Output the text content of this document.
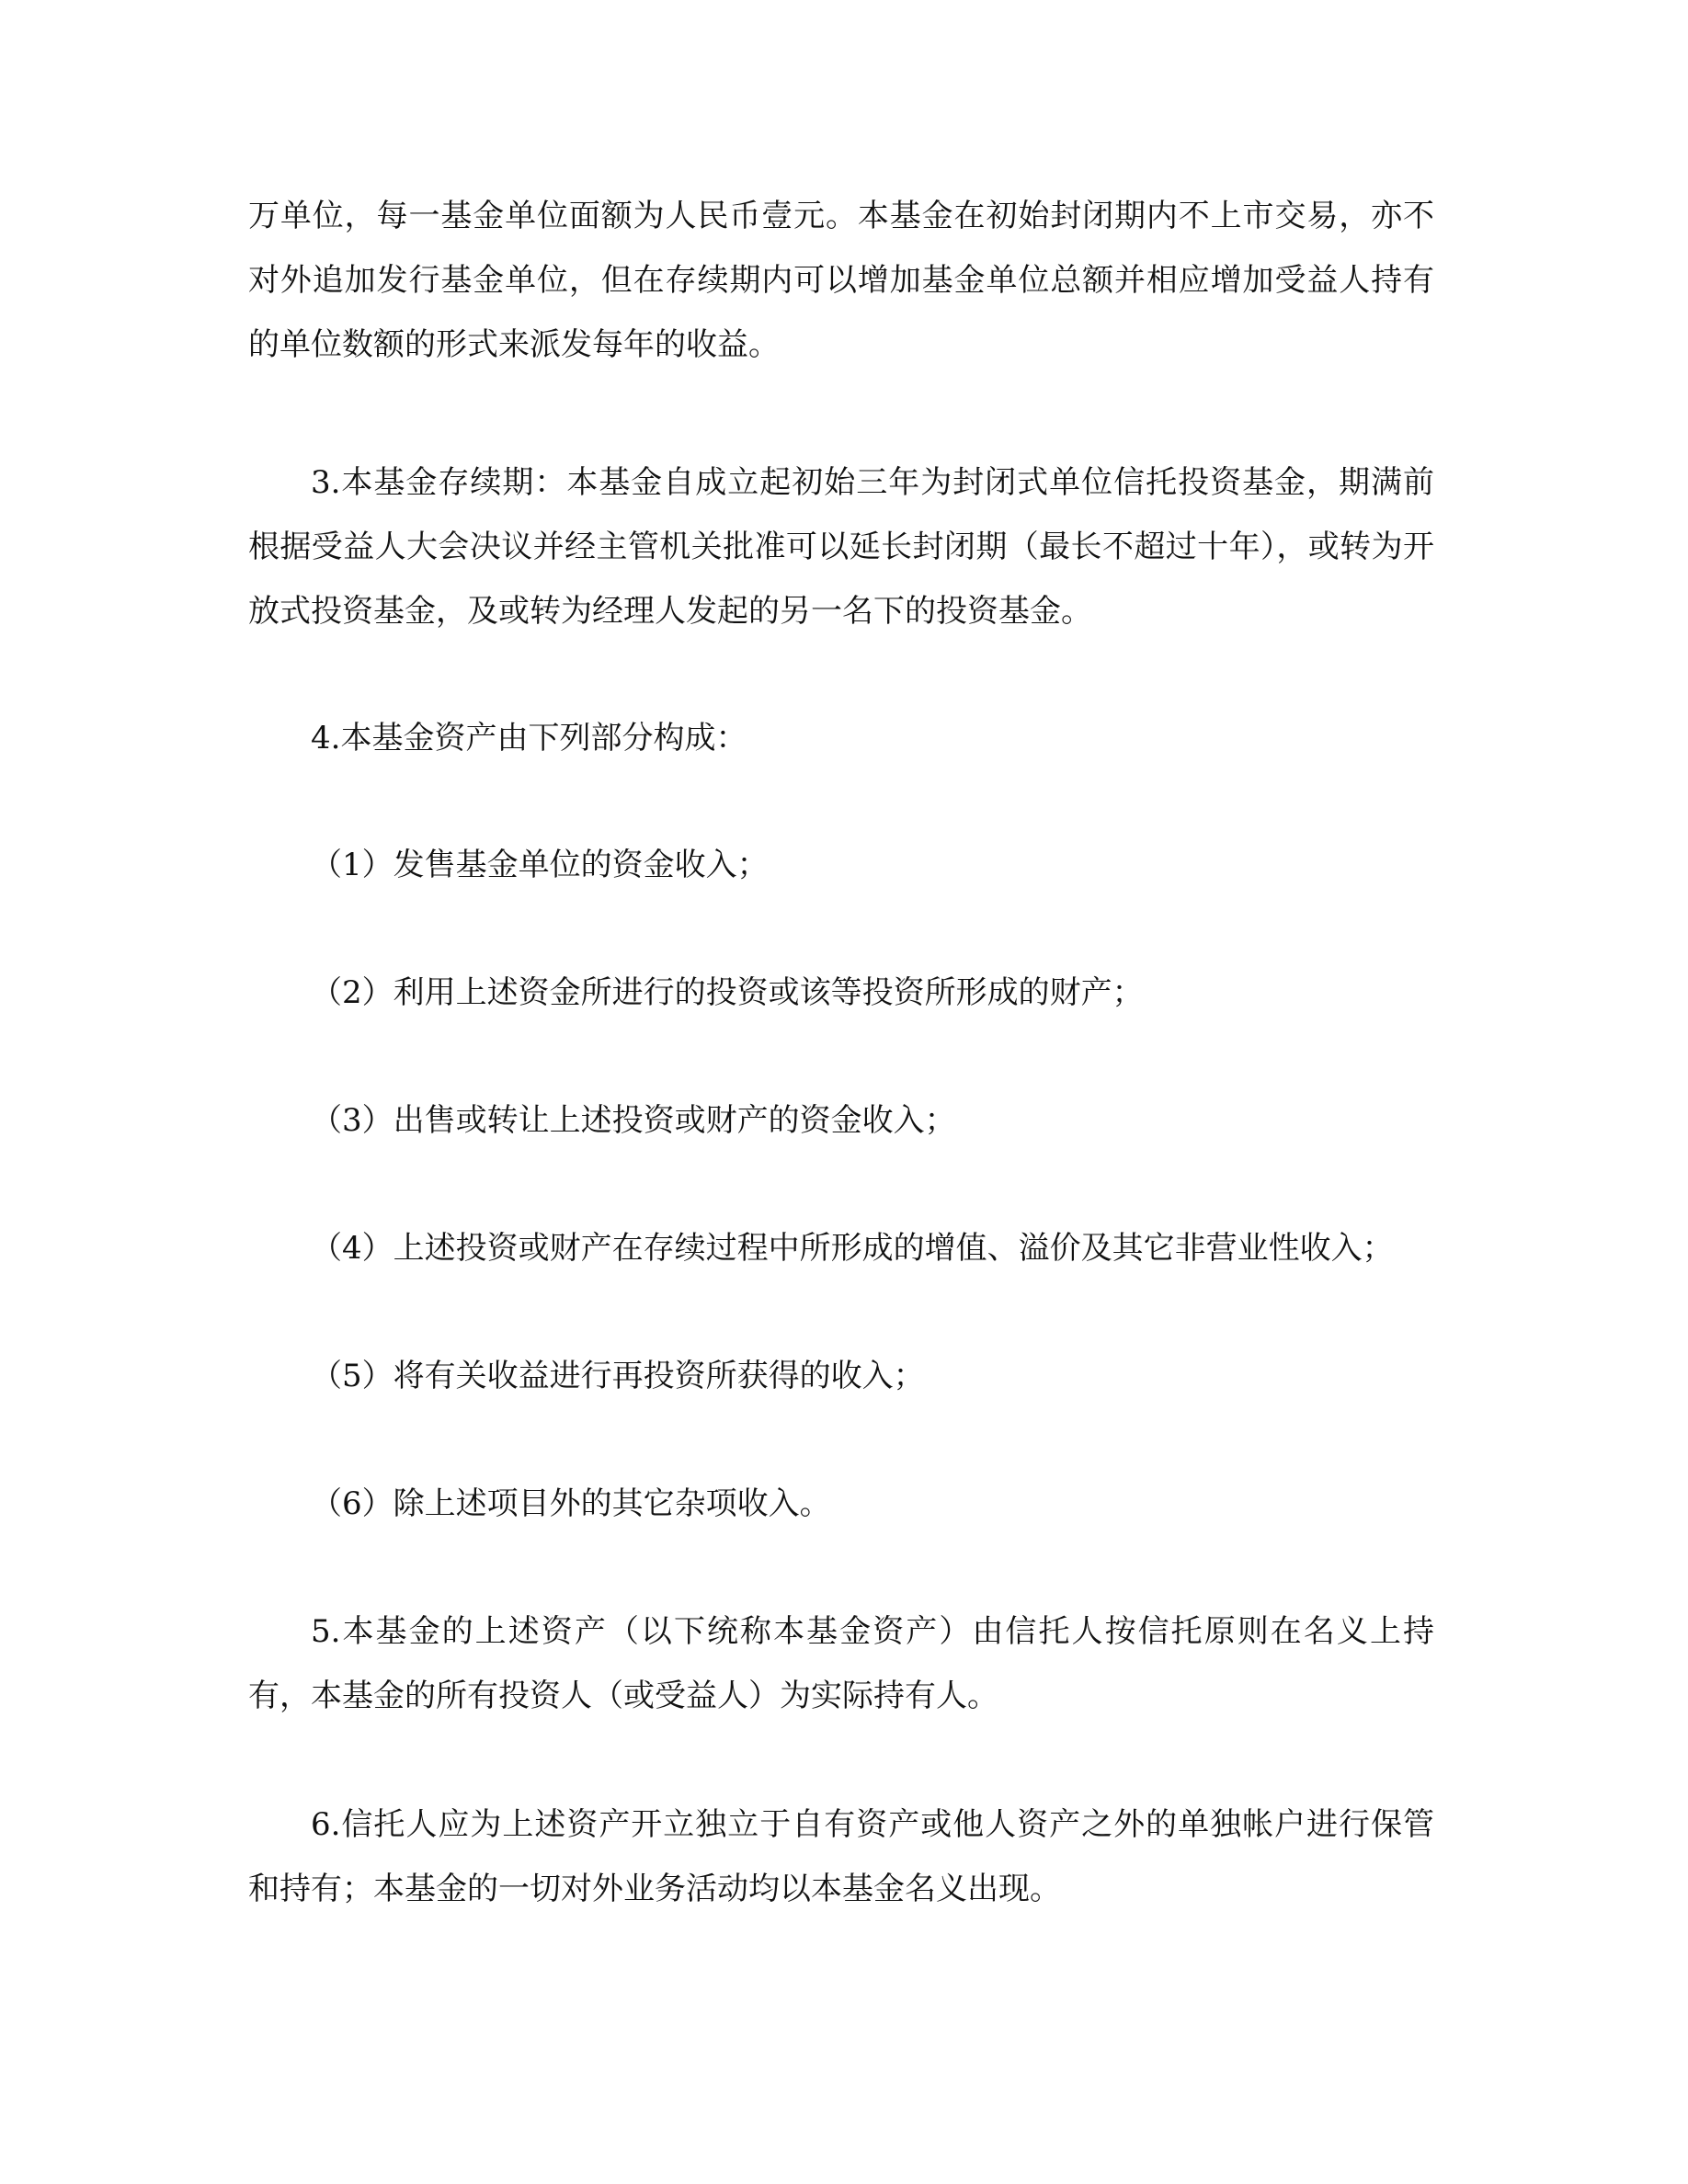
万单位，每一基金单位面额为人民币壹元。本基金在初始封闭期内不上市交易，亦不对外追加发行基金单位，但在存续期内可以增加基金单位总额并相应增加受益人持有的单位数额的形式来派发每年的收益。

3.本基金存续期：本基金自成立起初始三年为封闭式单位信托投资基金，期满前根据受益人大会决议并经主管机关批准可以延长封闭期（最长不超过十年），或转为开放式投资基金，及或转为经理人发起的另一名下的投资基金。

4.本基金资产由下列部分构成：

（1）发售基金单位的资金收入；

（2）利用上述资金所进行的投资或该等投资所形成的财产；

（3）出售或转让上述投资或财产的资金收入；

（4）上述投资或财产在存续过程中所形成的增值、溢价及其它非营业性收入；

（5）将有关收益进行再投资所获得的收入；

（6）除上述项目外的其它杂项收入。

5.本基金的上述资产（以下统称本基金资产）由信托人按信托原则在名义上持有，本基金的所有投资人（或受益人）为实际持有人。

6.信托人应为上述资产开立独立于自有资产或他人资产之外的单独帐户进行保管和持有；本基金的一切对外业务活动均以本基金名义出现。
